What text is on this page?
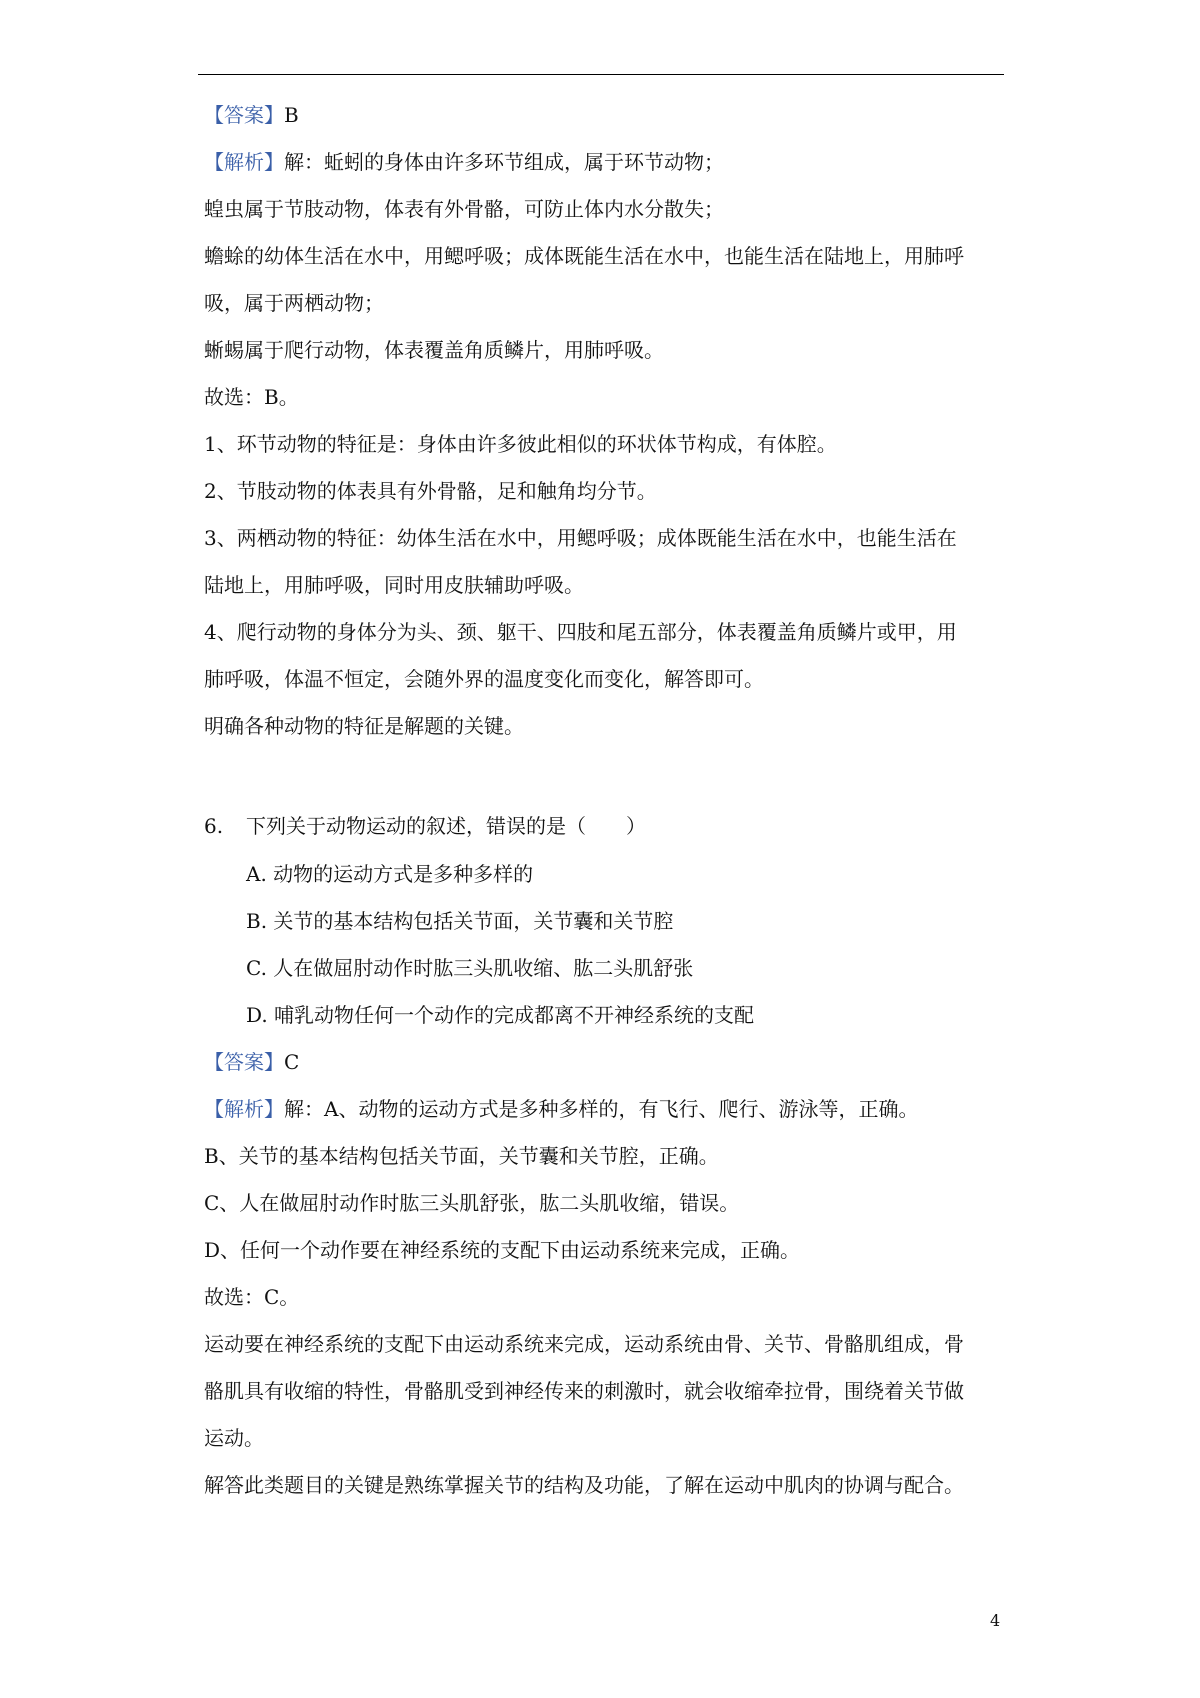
【答案】B
【解析】解：蚯蚓的身体由许多环节组成，属于环节动物；
蝗虫属于节肢动物，体表有外骨骼，可防止体内水分散失；
蟾蜍的幼体生活在水中，用鳃呼吸；成体既能生活在水中，也能生活在陆地上，用肺呼
吸，属于两栖动物；
蜥蜴属于爬行动物，体表覆盖角质鳞片，用肺呼吸。
故选：B。
1、环节动物的特征是：身体由许多彼此相似的环状体节构成，有体腔。
2、节肢动物的体表具有外骨骼，足和触角均分节。
3、两栖动物的特征：幼体生活在水中，用鳃呼吸；成体既能生活在水中，也能生活在
陆地上，用肺呼吸，同时用皮肤辅助呼吸。
4、爬行动物的身体分为头、颈、躯干、四肢和尾五部分，体表覆盖角质鳞片或甲，用
肺呼吸，体温不恒定，会随外界的温度变化而变化，解答即可。
明确各种动物的特征是解题的关键。
6. 下列关于动物运动的叙述，错误的是（　　）
A. 动物的运动方式是多种多样的
B. 关节的基本结构包括关节面，关节囊和关节腔
C. 人在做屈肘动作时肱三头肌收缩、肱二头肌舒张
D. 哺乳动物任何一个动作的完成都离不开神经系统的支配
【答案】C
【解析】解：A、动物的运动方式是多种多样的，有飞行、爬行、游泳等，正确。
B、关节的基本结构包括关节面，关节囊和关节腔，正确。
C、人在做屈肘动作时肱三头肌舒张，肱二头肌收缩，错误。
D、任何一个动作要在神经系统的支配下由运动系统来完成，正确。
故选：C。
运动要在神经系统的支配下由运动系统来完成，运动系统由骨、关节、骨骼肌组成，骨
骼肌具有收缩的特性，骨骼肌受到神经传来的刺激时，就会收缩牵拉骨，围绕着关节做
运动。
解答此类题目的关键是熟练掌握关节的结构及功能，了解在运动中肌肉的协调与配合。
4
